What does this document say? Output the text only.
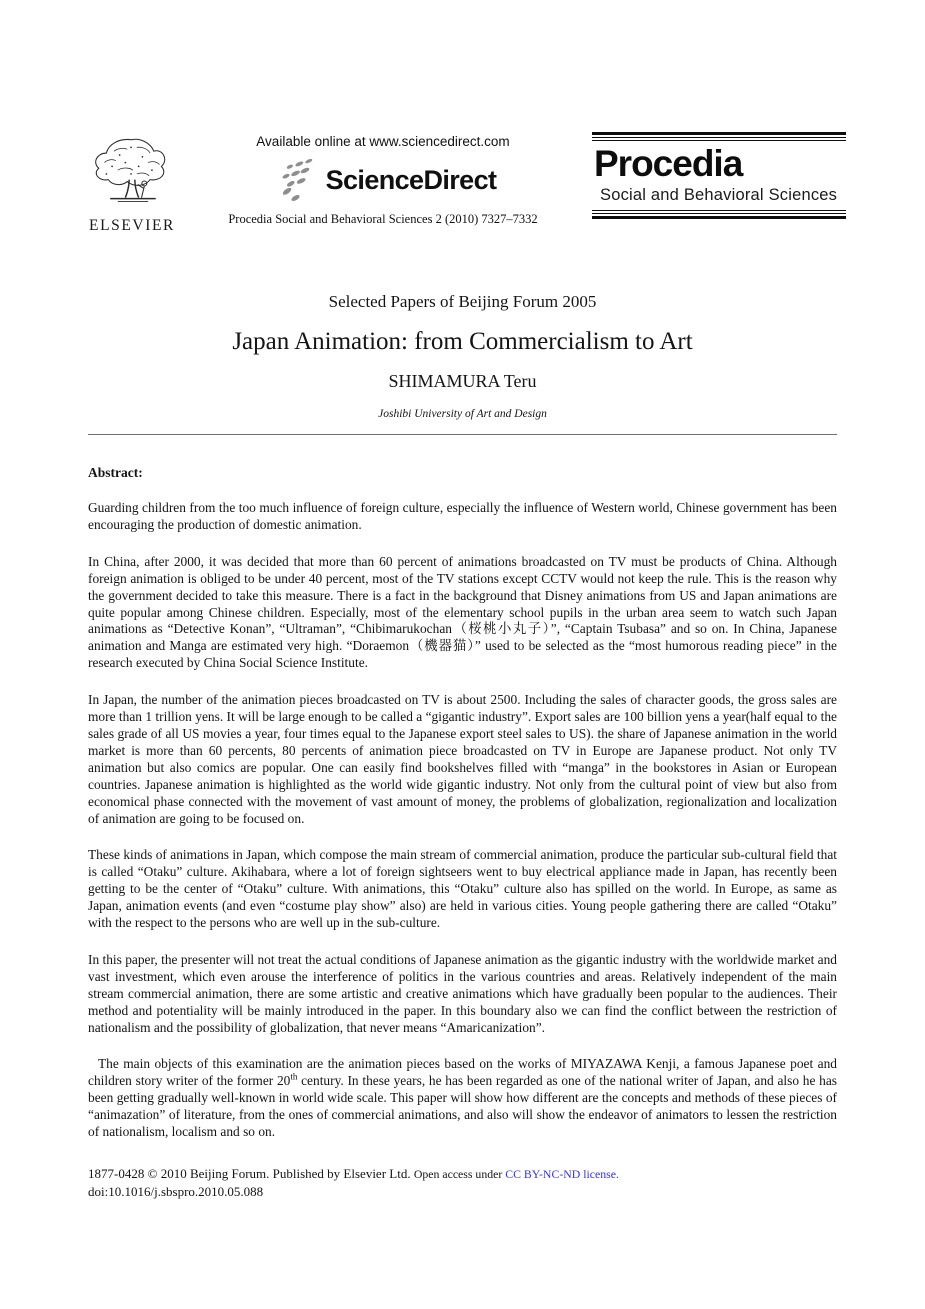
ELSEVIER
Available online at www.sciencedirect.com
ScienceDirect
Procedia Social and Behavioral Sciences 2 (2010) 7327–7332
Procedia
Social and Behavioral Sciences
Selected Papers of Beijing Forum 2005
Japan Animation: from Commercialism to Art
SHIMAMURA Teru
Joshibi University of Art and Design
Abstract:

Guarding children from the too much influence of foreign culture, especially the influence of Western world, Chinese government has been encouraging the production of domestic animation.

In China, after 2000, it was decided that more than 60 percent of animations broadcasted on TV must be products of China. Although foreign animation is obliged to be under 40 percent, most of the TV stations except CCTV would not keep the rule. This is the reason why the government decided to take this measure. There is a fact in the background that Disney animations from US and Japan animations are quite popular among Chinese children. Especially, most of the elementary school pupils in the urban area seem to watch such Japan animations as “Detective Konan”, “Ultraman”, “Chibimarukochan（桜桃小丸子）”, “Captain Tsubasa” and so on. In China, Japanese animation and Manga are estimated very high. “Doraemon（機器猫）” used to be selected as the “most humorous reading piece” in the research executed by China Social Science Institute.

In Japan, the number of the animation pieces broadcasted on TV is about 2500. Including the sales of character goods, the gross sales are more than 1 trillion yens. It will be large enough to be called a “gigantic industry”. Export sales are 100 billion yens a year(half equal to the sales grade of all US movies a year, four times equal to the Japanese export steel sales to US). the share of Japanese animation in the world market is more than 60 percents, 80 percents of animation piece broadcasted on TV in Europe are Japanese product. Not only TV animation but also comics are popular. One can easily find bookshelves filled with “manga” in the bookstores in Asian or European countries. Japanese animation is highlighted as the world wide gigantic industry. Not only from the cultural point of view but also from economical phase connected with the movement of vast amount of money, the problems of globalization, regionalization and localization of animation are going to be focused on.

These kinds of animations in Japan, which compose the main stream of commercial animation, produce the particular sub-cultural field that is called “Otaku” culture. Akihabara, where a lot of foreign sightseers went to buy electrical appliance made in Japan, has recently been getting to be the center of “Otaku” culture. With animations, this “Otaku” culture also has spilled on the world. In Europe, as same as Japan, animation events (and even “costume play show” also) are held in various cities. Young people gathering there are called “Otaku” with the respect to the persons who are well up in the sub-culture.

In this paper, the presenter will not treat the actual conditions of Japanese animation as the gigantic industry with the worldwide market and vast investment, which even arouse the interference of politics in the various countries and areas. Relatively independent of the main stream commercial animation, there are some artistic and creative animations which have gradually been popular to the audiences. Their method and potentiality will be mainly introduced in the paper. In this boundary also we can find the conflict between the restriction of nationalism and the possibility of globalization, that never means “Amaricanization”.

The main objects of this examination are the animation pieces based on the works of MIYAZAWA Kenji, a famous Japanese poet and children story writer of the former 20th century. In these years, he has been regarded as one of the national writer of Japan, and also he has been getting gradually well-known in world wide scale. This paper will show how different are the concepts and methods of these pieces of “animazation” of literature, from the ones of commercial animations, and also will show the endeavor of animators to lessen the restriction of nationalism, localism and so on.

1877-0428 © 2010 Beijing Forum. Published by Elsevier Ltd. Open access under CC BY-NC-ND license.
doi:10.1016/j.sbspro.2010.05.088
